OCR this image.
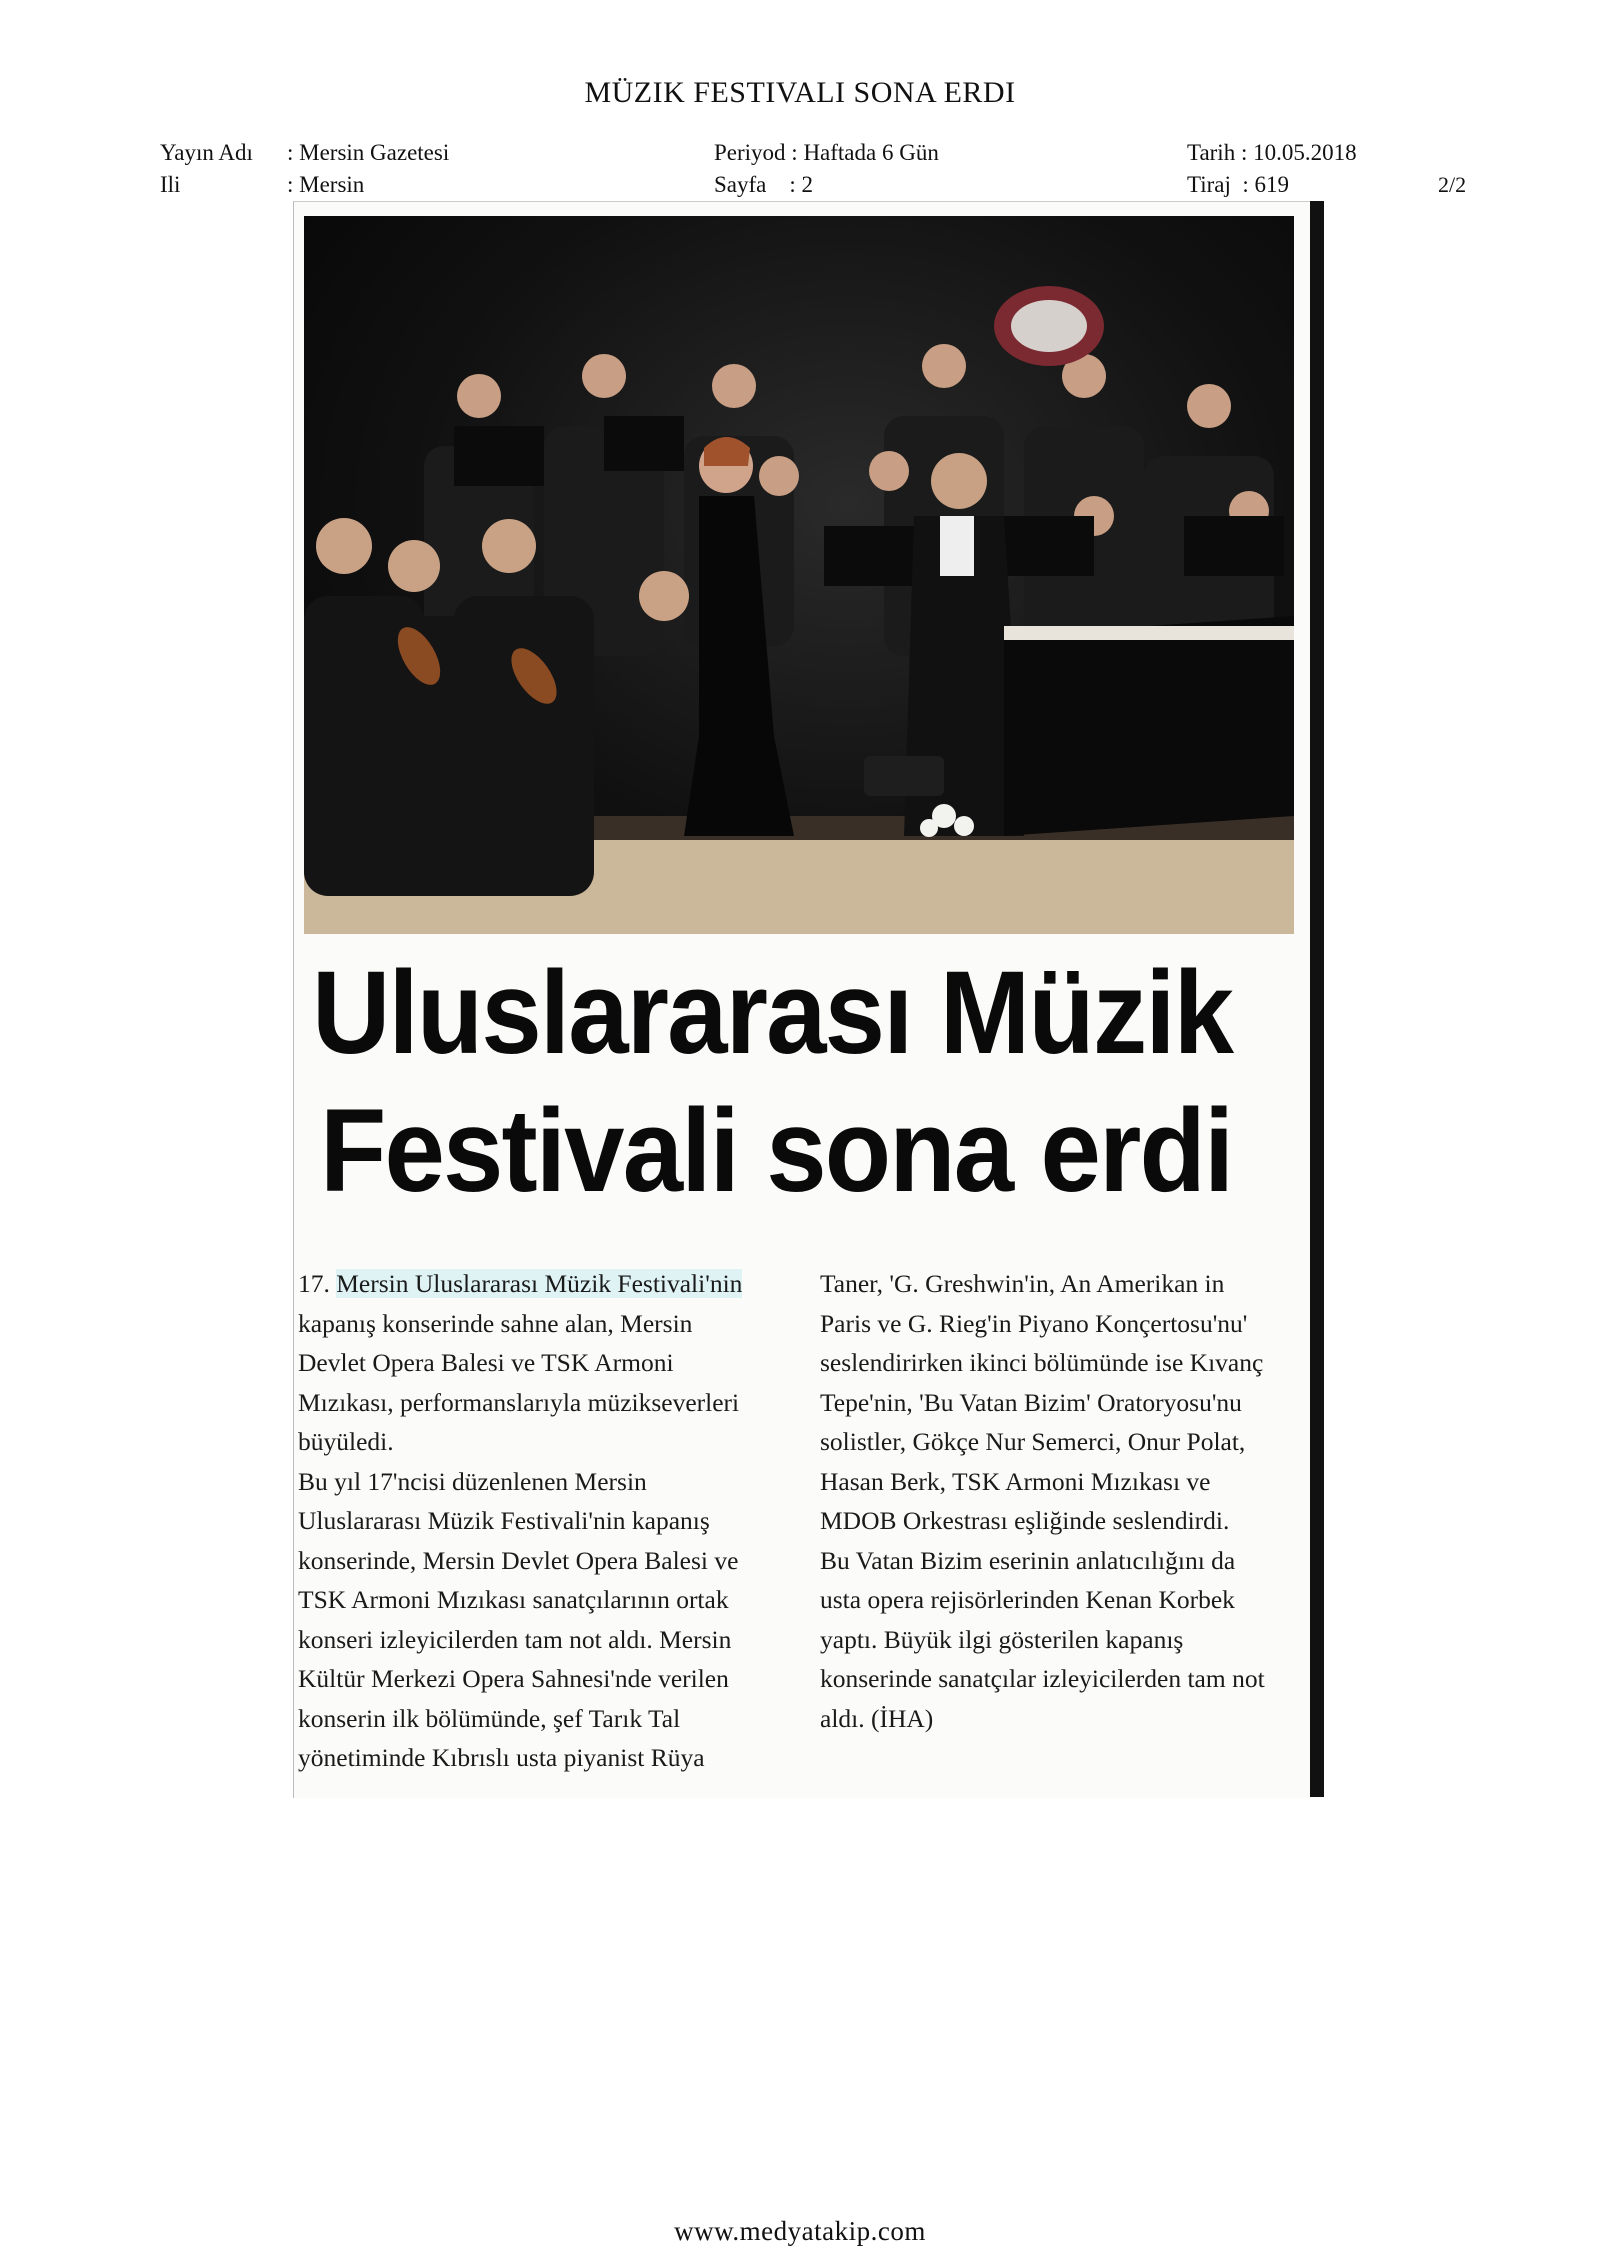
MÜZIK FESTIVALI SONA ERDI
Yayın Adı : Mersin Gazetesi
Ili	: Mersin
Periyod : Haftada 6 Gün
Sayfa    : 2
Tarih : 10.05.2018
Tiraj  : 619	2/2
Uluslararası Müzik
Festivali sona erdi
17. Mersin Uluslararası Müzik Festivali'nin
kapanış konserinde sahne alan, Mersin
Devlet Opera Balesi ve TSK Armoni
Mızıkası, performanslarıyla müzikseverleri
büyüledi.
Bu yıl 17'ncisi düzenlenen Mersin
Uluslararası Müzik Festivali'nin kapanış
konserinde, Mersin Devlet Opera Balesi ve
TSK Armoni Mızıkası sanatçılarının ortak
konseri izleyicilerden tam not aldı. Mersin
Kültür Merkezi Opera Sahnesi'nde verilen
konserin ilk bölümünde, şef Tarık Tal
yönetiminde Kıbrıslı usta piyanist Rüya
Taner, 'G. Greshwin'in, An Amerikan in
Paris ve G. Rieg'in Piyano Konçertosu'nu'
seslendirirken ikinci bölümünde ise Kıvanç
Tepe'nin, 'Bu Vatan Bizim' Oratoryosu'nu
solistler, Gökçe Nur Semerci, Onur Polat,
Hasan Berk, TSK Armoni Mızıkası ve
MDOB Orkestrası eşliğinde seslendirdi.
Bu Vatan Bizim eserinin anlatıcılığını da
usta opera rejisörlerinden Kenan Korbek
yaptı. Büyük ilgi gösterilen kapanış
konserinde sanatçılar izleyicilerden tam not
aldı. (İHA)
www.medyatakip.com
